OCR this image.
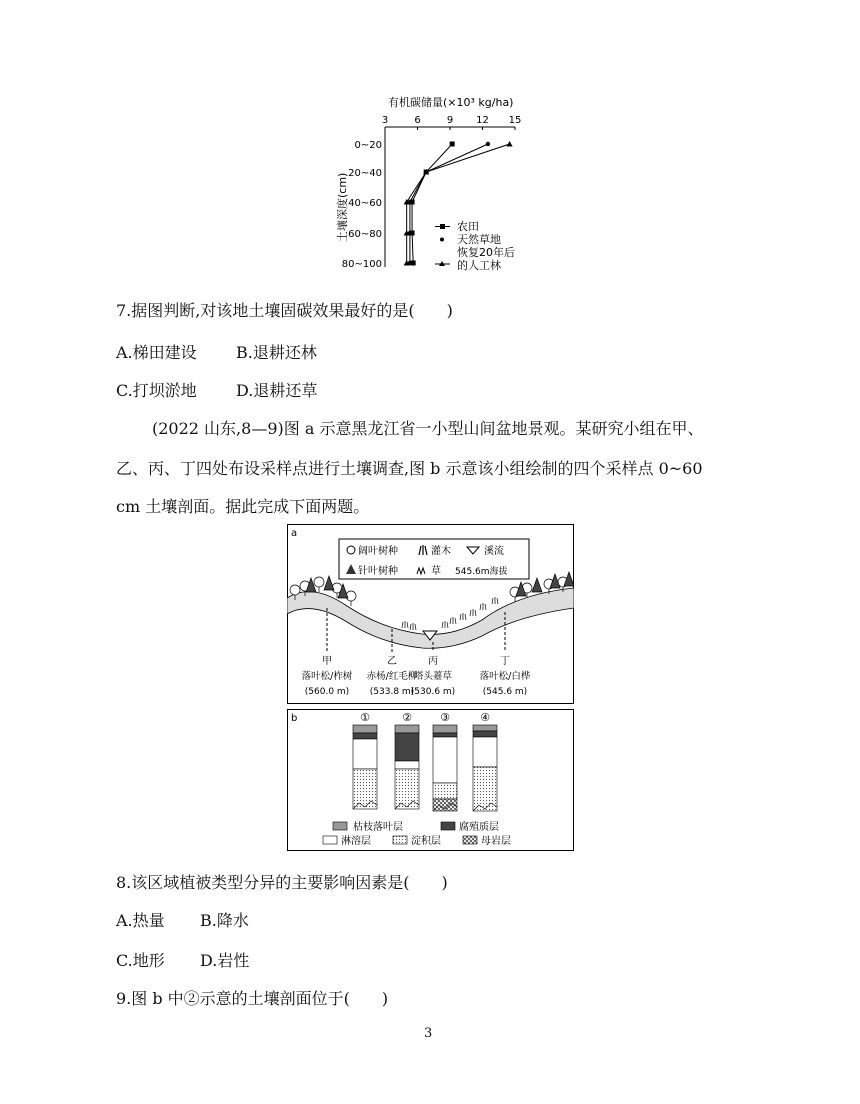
有机碳储量(×10³ kg/ha)
3	6	9 12 15
0~20
20~40
40~60
60~80
80~100
土壤深度(cm)	农田
天然草地
恢复20年后
的人工林
7.据图判断,对该地土壤固碳效果最好的是(　　)
A.梯田建设 B.退耕还林
C.打坝淤地 D.退耕还草
(2022 山东,8—9)图 a 示意黑龙江省一小型山间盆地景观。某研究小组在甲、
乙、丙、丁四处布设采样点进行土壤调查,图 b 示意该小组绘制的四个采样点 0~60
cm 土壤剖面。据此完成下面两题。
a
阔叶树种	灌木	溪流
针叶树种	草 545.6m海拔
甲
落叶松/柞树
(560.0 m)
乙
赤杨/红毛柳
(533.8 m)
丙
塔头薹草
(530.6 m)
丁
落叶松/白桦
(545.6 m)
b	①	②	③	④
枯枝落叶层	腐殖质层
淋溶层	淀积层	母岩层
8.该区域植被类型分异的主要影响因素是(　　)
A.热量 B.降水
C.地形 D.岩性
9.图 b 中②示意的土壤剖面位于(　　)
3
